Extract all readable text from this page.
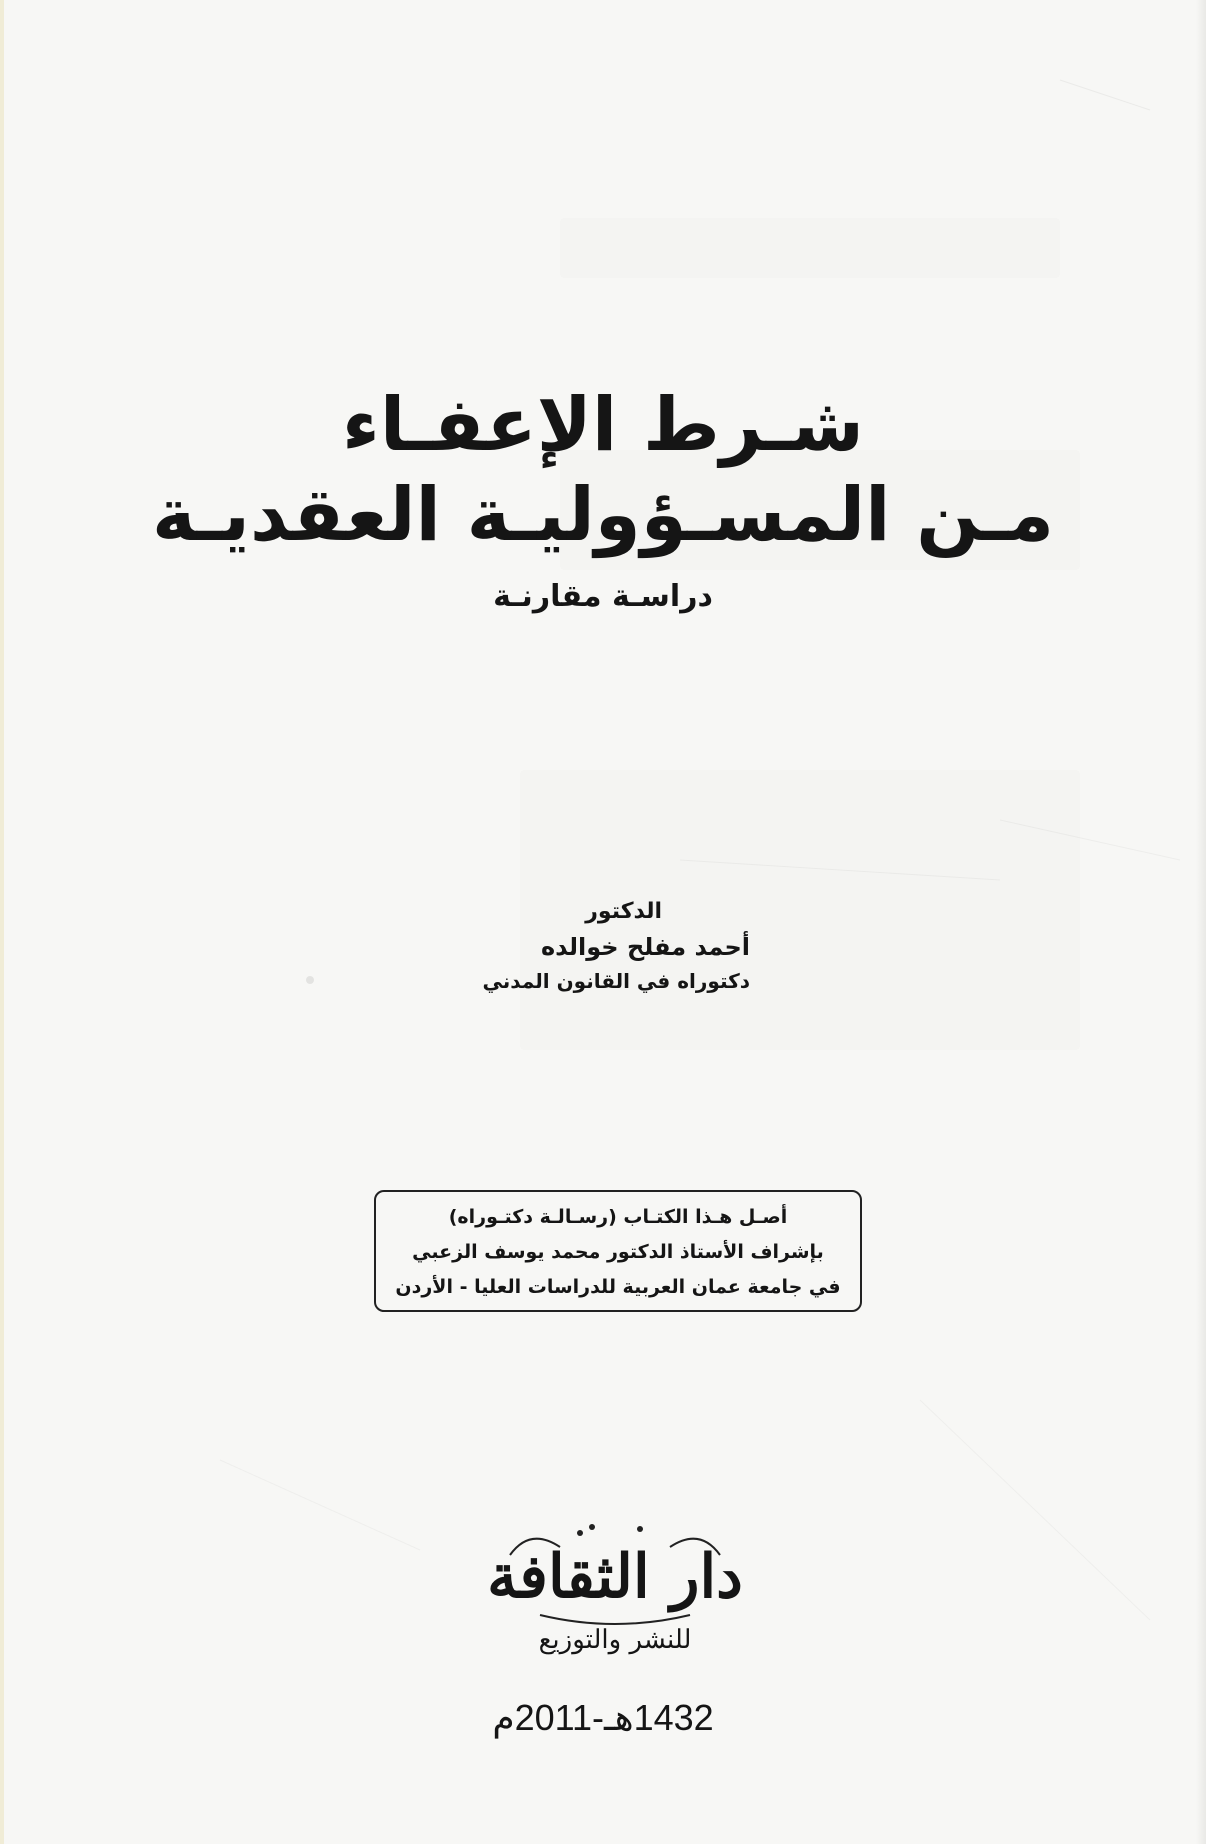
شـرط الإعفـاء
مـن المسـؤوليـة العقديـة
دراسـة مقارنـة
الدكتور
أحمد مفلح خوالده
دكتوراه في القانون المدني
أصـل هـذا الكتـاب (رسـالـة دكتـوراه)
بإشراف الأستاذ الدكتور محمد يوسف الزعبي
في جامعة عمان العربية للدراسات العليا - الأردن
دار الثقافة
للنشر والتوزيع
1432هـ-2011م
